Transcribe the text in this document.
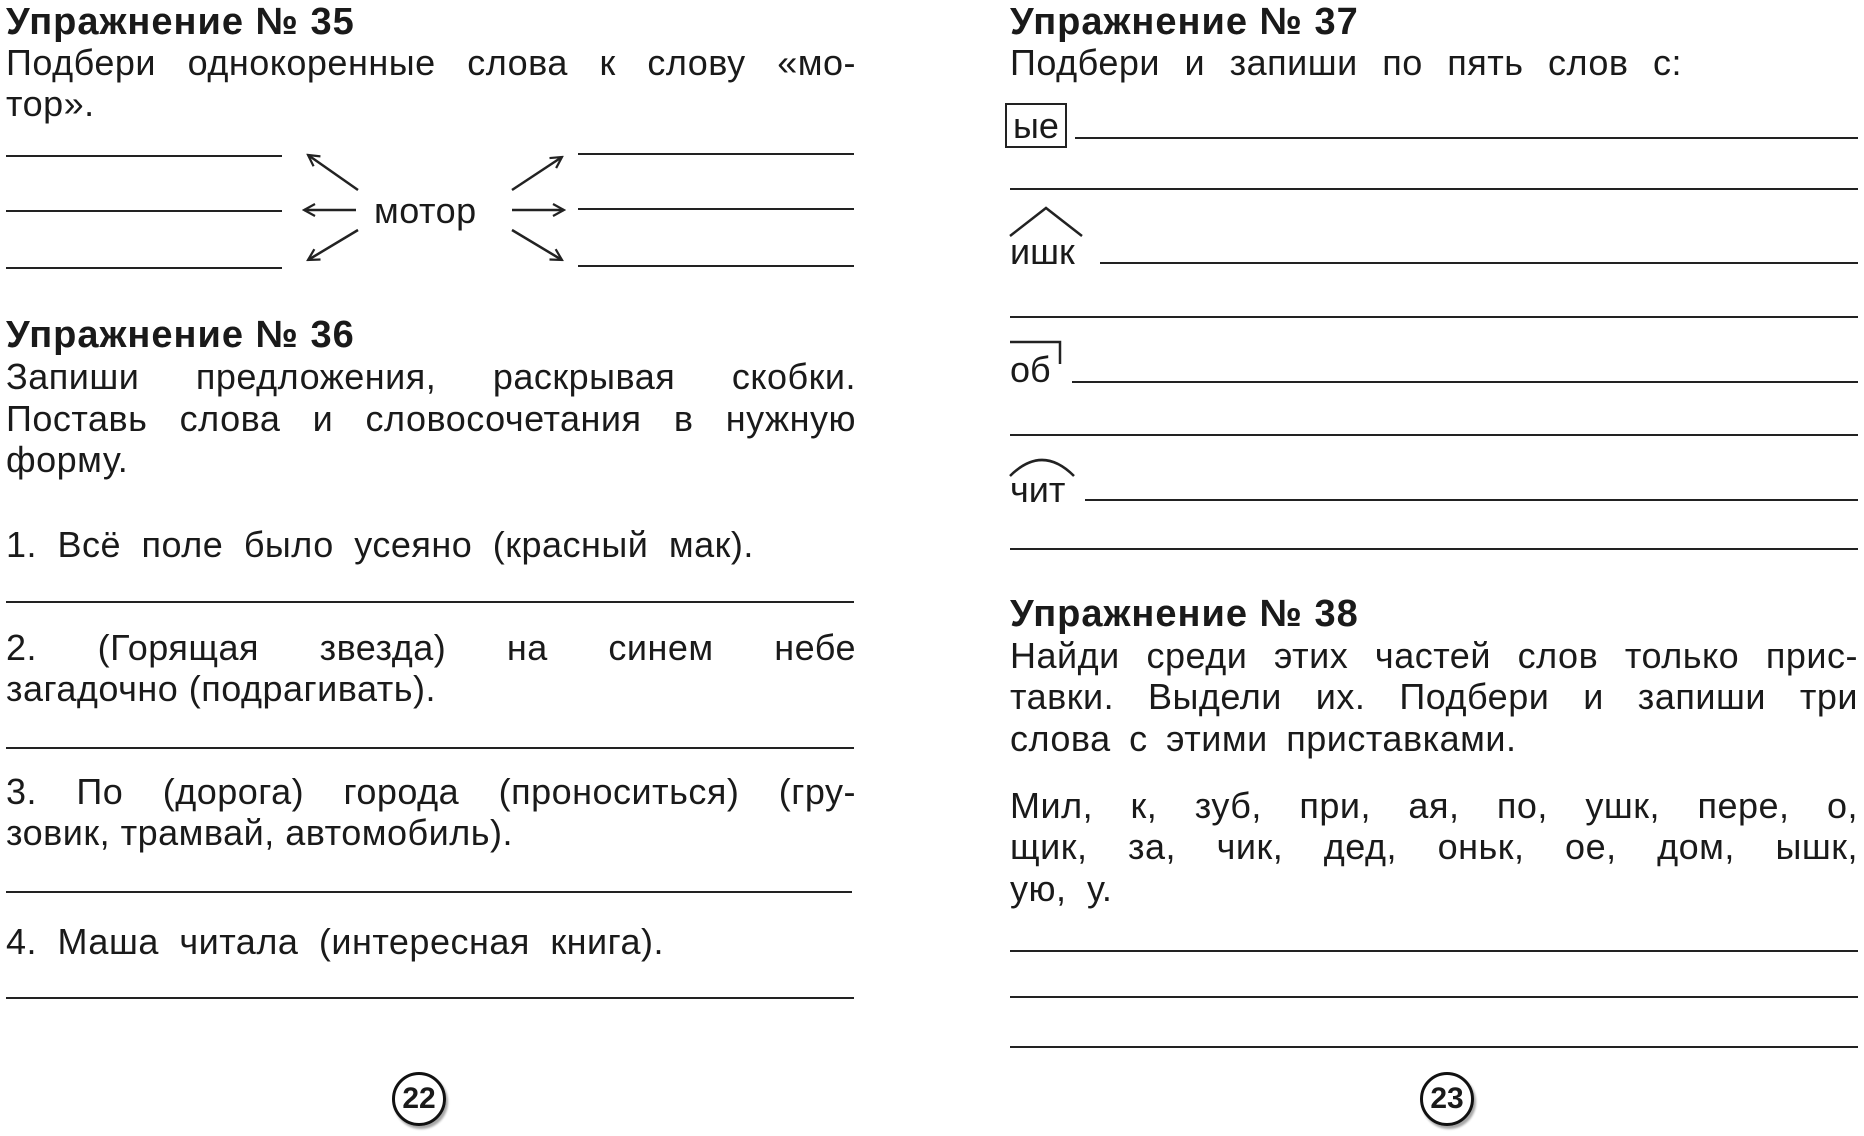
Упражнение № 35
Подбери однокоренные слова к слову «мо-
тор».
мотор
Упражнение № 36
Запиши предложения, раскрывая скобки.
Поставь слова и словосочетания в нужную
форму.
1. Всё поле было усеяно (красный мак).
2. (Горящая звезда) на синем небе
загадочно (подрагивать).
3. По (дорога) города (проноситься) (гру-
зовик, трамвай, автомобиль).
4. Маша читала (интересная книга).
22
Упражнение № 37
Подбери и запиши по пять слов с:
ые
ишк
об
чит
Упражнение № 38
Найди среди этих частей слов только прис-
тавки. Выдели их. Подбери и запиши три
слова с этими приставками.
Мил, к, зуб, при, ая, по, ушк, пере, о,
щик, за, чик, дед, оньк, ое, дом, ышк,
ую, у.
23
